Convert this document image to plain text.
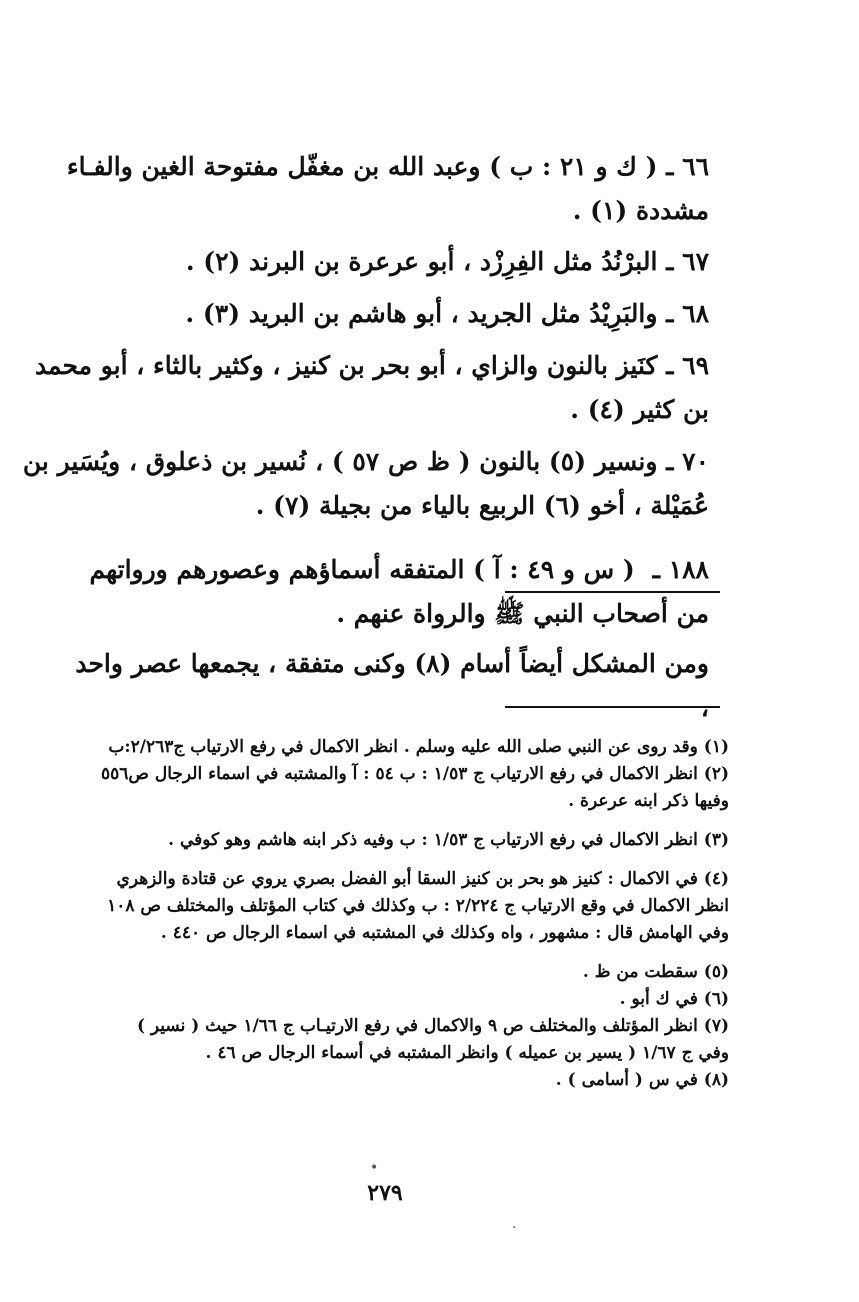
٦٦ ـ ( ك و ٢١ : ب ) وعبد الله بن مغفّل مفتوحة الغين والفـاء
مشددة (١) .
٦٧ ـ البرْنُدُ مثل الفِرِزْد ، أبو عرعرة بن البرند (٢) .
٦٨ ـ والبَرِيْدُ مثل الجريد ، أبو هاشم بن البريد (٣) .
٦٩ ـ كنَيز بالنون والزاي ، أبو بحر بن كنيز ، وكثير بالثاء ، أبو محمد
بن كثير (٤) .
٧٠ ـ ونسير (٥) بالنون ( ظ ص ٥٧ ) ، نُسير بن ذعلوق ، ويُسَير بن
عُمَيْلة ، أخو (٦) الربيع بالياء من بجيلة (٧) .
١٨٨ ـ
( س و ٤٩ : آ ) المتفقه أسماؤهم وعصورهم ورواتهم
من أصحاب النبي ﷺ والرواة عنهم .
ومن المشكل أيضاً أسام (٨) وكنى متفقة ، يجمعها عصر واحد ،
(١) وقد روى عن النبي صلى الله عليه وسلم . انظر الاكمال في رفع الارتياب ج٢/٢٦٣:ب
(٢) انظر الاكمال في رفع الارتياب ج ١/٥٣ : ب ٥٤ : آ والمشتبه في اسماء الرجال ص٥٥٦
وفيها ذكر ابنه عرعرة .
(٣) انظر الاكمال في رفع الارتياب ج ١/٥٣ : ب وفيه ذكر ابنه هاشم وهو كوفي .
(٤) في الاكمال : كنيز هو بحر بن كنيز السقا أبو الفضل بصري يروي عن قتادة والزهري
انظر الاكمال في وقع الارتياب ج ٢/٢٢٤ : ب وكذلك في كتاب المؤتلف والمختلف ص ١٠٨
وفي الهامش قال : مشهور ، واه وكذلك في المشتبه في اسماء الرجال ص ٤٤٠ .
(٥) سقطت من ظ .
(٦) في ك أبو .
(٧) انظر المؤتلف والمختلف ص ٩ والاكمال في رفع الارتيـاب ج ١/٦٦ حيث ( نسير )
وفي ج ١/٦٧ ( يسير بن عميله ) وانظر المشتبه في أسماء الرجال ص ٤٦ .
(٨) في س ( أسامى ) .
٢٧٩
•
·
